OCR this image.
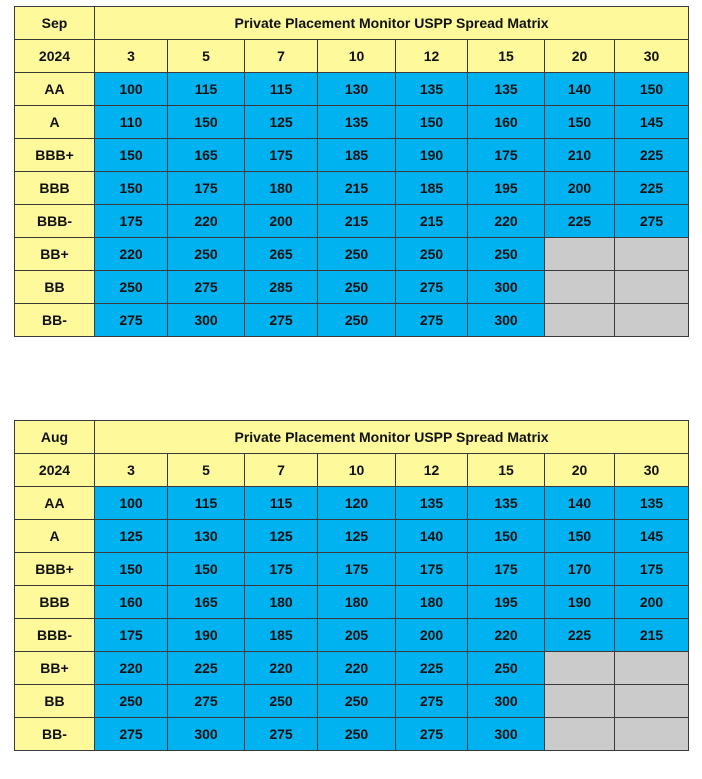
Sep	Private Placement Monitor USPP Spread Matrix							
2024	3	5	7	10	12	15	20	30
AA	100	115	115	130	135	135	140	150
A	110	150	125	135	150	160	150	145
BBB+	150	165	175	185	190	175	210	225
BBB	150	175	180	215	185	195	200	225
BBB-	175	220	200	215	215	220	225	275
BB+	220	250	265	250	250	250		
BB	250	275	285	250	275	300		
BB-	275	300	275	250	275	300		
Aug	Private Placement Monitor USPP Spread Matrix							
2024	3	5	7	10	12	15	20	30
AA	100	115	115	120	135	135	140	135
A	125	130	125	125	140	150	150	145
BBB+	150	150	175	175	175	175	170	175
BBB	160	165	180	180	180	195	190	200
BBB-	175	190	185	205	200	220	225	215
BB+	220	225	220	220	225	250		
BB	250	275	250	250	275	300		
BB-	275	300	275	250	275	300		
